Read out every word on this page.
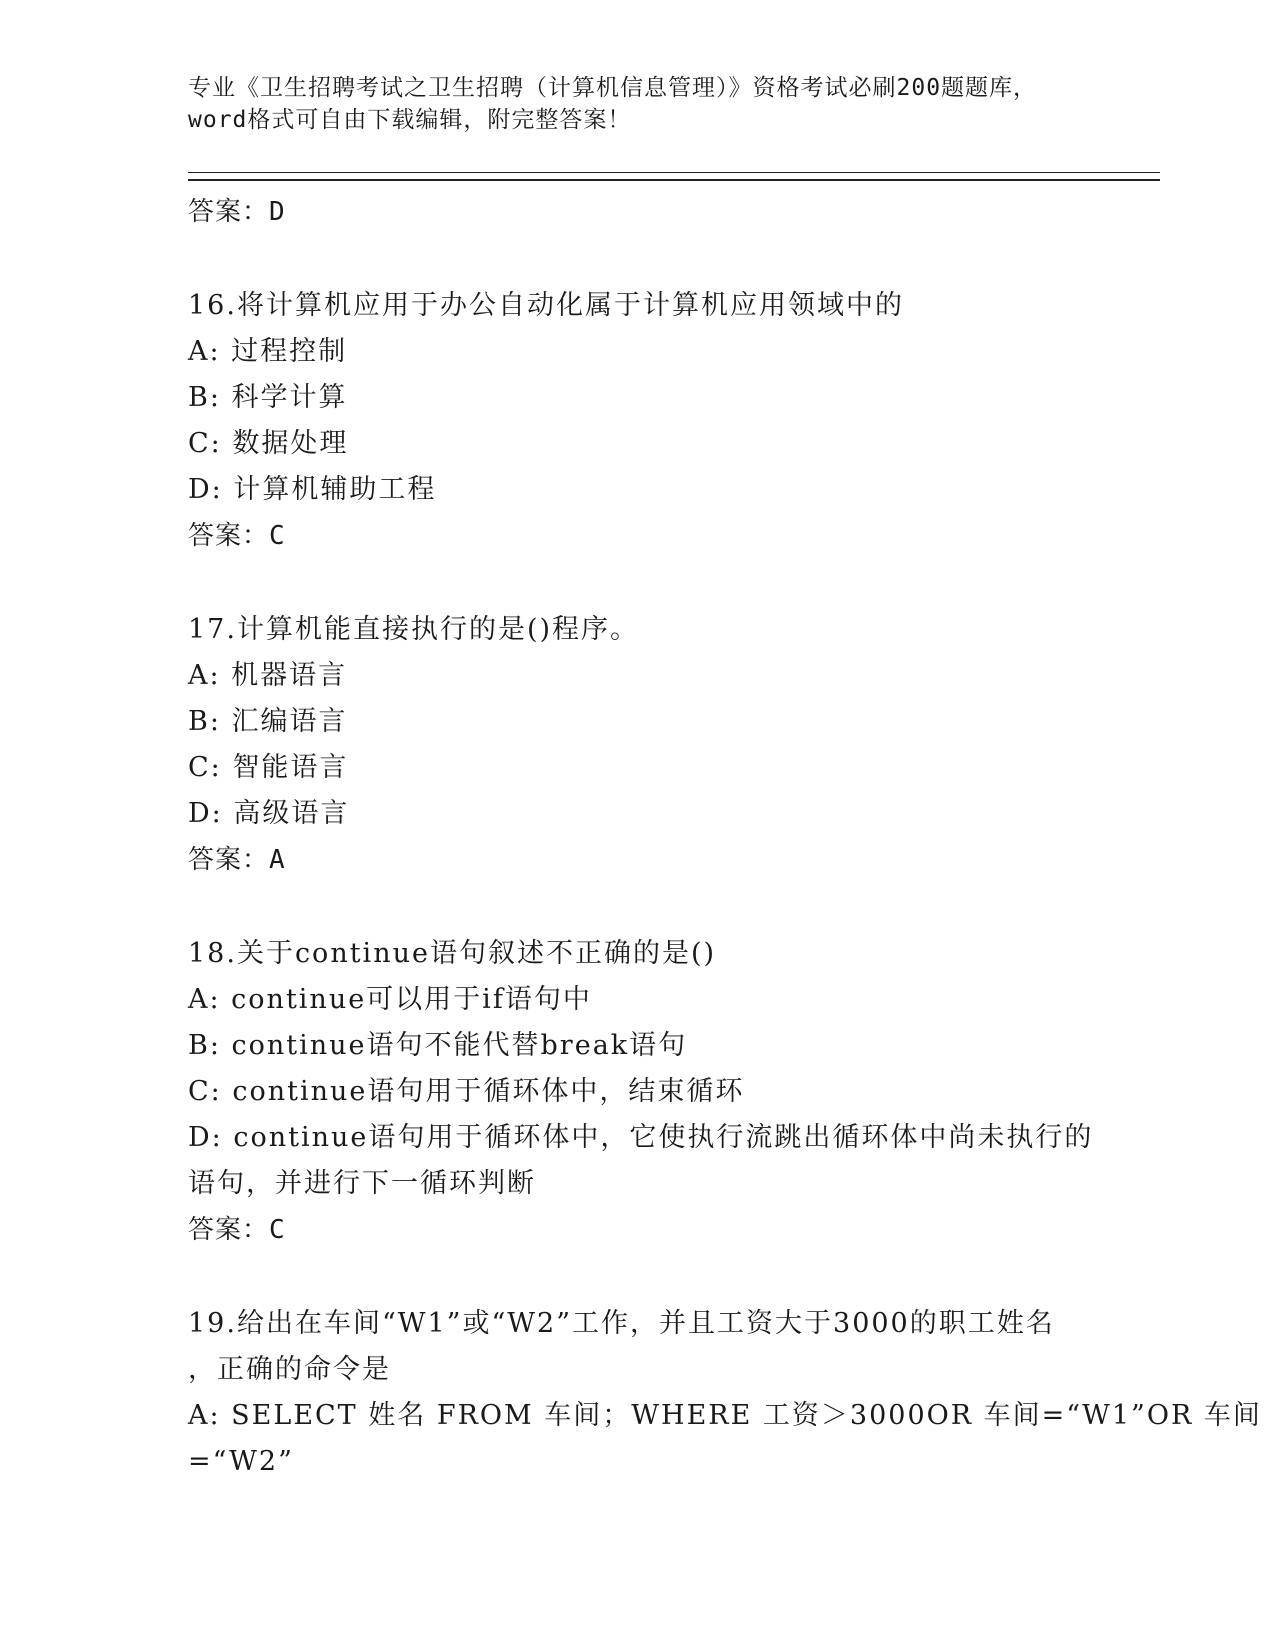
专业《卫生招聘考试之卫生招聘（计算机信息管理）》资格考试必刷200题题库，
word格式可自由下载编辑，附完整答案！
答案：D
16.将计算机应用于办公自动化属于计算机应用领域中的
A: 过程控制
B: 科学计算
C: 数据处理
D: 计算机辅助工程
答案：C
17.计算机能直接执行的是()程序。
A: 机器语言
B: 汇编语言
C: 智能语言
D: 高级语言
答案：A
18.关于continue语句叙述不正确的是()
A: continue可以用于if语句中
B: continue语句不能代替break语句
C: continue语句用于循环体中，结束循环
D: continue语句用于循环体中，它使执行流跳出循环体中尚未执行的
语句，并进行下一循环判断
答案：C
19.给出在车间“W1”或“W2”工作，并且工资大于3000的职工姓名
，正确的命令是
A: SELECT 姓名 FROM 车间；WHERE 工资＞3000OR 车间=“W1”OR 车间
=“W2”
